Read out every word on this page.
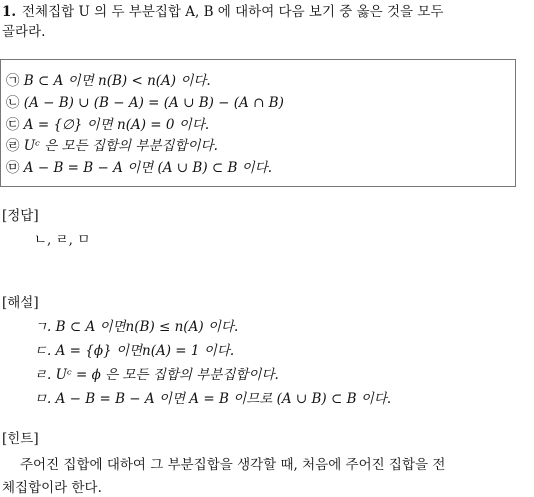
1. 전체집합 U 의 두 부분집합 A, B 에 대하여 다음 보기 중 옳은 것을 모두
골라라.
㉠ B ⊂ A 이면 n(B) < n(A) 이다.
㉡ (A − B) ∪ (B − A) = (A ∪ B) − (A ∩ B)
㉢ A = {∅} 이면 n(A) = 0 이다.
㉣ Uᶜ 은 모든 집합의 부분집합이다.
㉤ A − B = B − A 이면 (A ∪ B) ⊂ B 이다.
[정답]
ㄴ, ㄹ, ㅁ
[해설]
ㄱ. B ⊂ A 이면n(B) ≤ n(A) 이다.
ㄷ. A = {ϕ} 이면n(A) = 1 이다.
ㄹ. Uᶜ = ϕ 은 모든 집합의 부분집합이다.
ㅁ. A − B = B − A 이면 A = B 이므로 (A ∪ B) ⊂ B 이다.
[힌트]
주어진 집합에 대하여 그 부분집합을 생각할 때, 처음에 주어진 집합을 전
체집합이라 한다.
